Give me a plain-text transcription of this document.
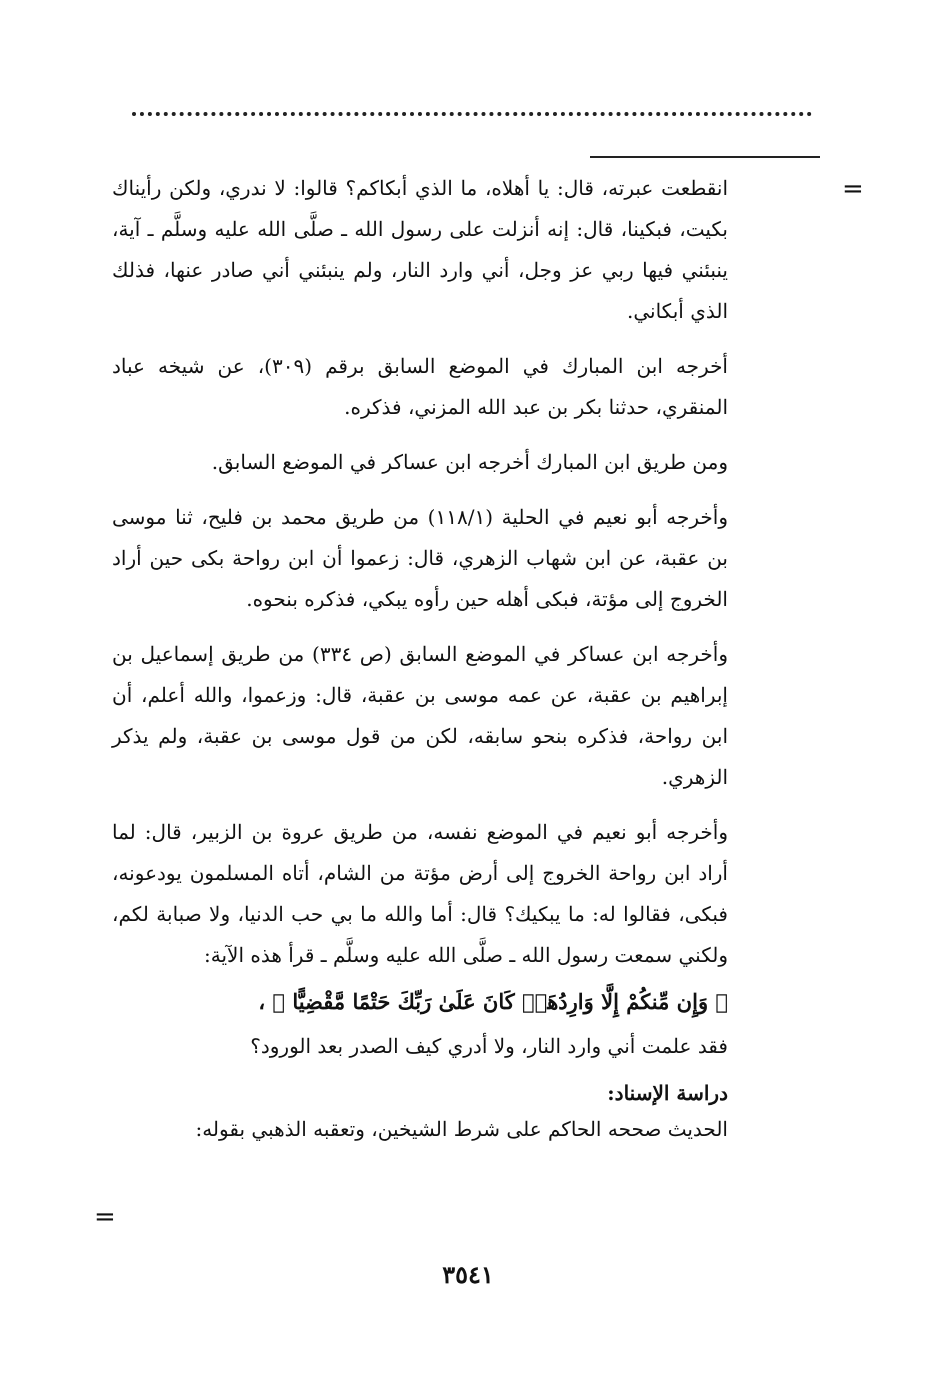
=

انقطعت عبرته، قال: يا أهلاه، ما الذي أبكاكم؟ قالوا: لا ندري، ولكن رأيناك بكيت، فبكينا، قال: إنه أنزلت على رسول الله ـ صلَّى الله عليه وسلَّم ـ آية، ينبئني فيها ربي عز وجل، أني وارد النار، ولم ينبئني أني صادر عنها، فذلك الذي أبكاني.

أخرجه ابن المبارك في الموضع السابق برقم (٣٠٩)، عن شيخه عباد المنقري، حدثنا بكر بن عبد الله المزني، فذكره.

ومن طريق ابن المبارك أخرجه ابن عساكر في الموضع السابق.

وأخرجه أبو نعيم في الحلية (١١٨/١) من طريق محمد بن فليح، ثنا موسى بن عقبة، عن ابن شهاب الزهري، قال: زعموا أن ابن رواحة بكى حين أراد الخروج إلى مؤتة، فبكى أهله حين رأوه يبكي، فذكره بنحوه.

وأخرجه ابن عساكر في الموضع السابق (ص ٣٣٤) من طريق إسماعيل بن إبراهيم بن عقبة، عن عمه موسى بن عقبة، قال: وزعموا، والله أعلم، أن ابن رواحة، فذكره بنحو سابقه، لكن من قول موسى بن عقبة، ولم يذكر الزهري.

وأخرجه أبو نعيم في الموضع نفسه، من طريق عروة بن الزبير، قال: لما أراد ابن رواحة الخروج إلى أرض مؤتة من الشام، أتاه المسلمون يودعونه، فبكى، فقالوا له: ما يبكيك؟ قال: أما والله ما بي حب الدنيا، ولا صبابة لكم، ولكني سمعت رسول الله ـ صلَّى الله عليه وسلَّم ـ قرأ هذه الآية:

﴿ وَإِن مِّنكُمْ إِلَّا وَارِدُهَاۚ كَانَ عَلَىٰ رَبِّكَ حَتْمًا مَّقْضِيًّا ﴾ ،

فقد علمت أني وارد النار، ولا أدري كيف الصدر بعد الورود؟

دراسة الإسناد:

الحديث صححه الحاكم على شرط الشيخين، وتعقبه الذهبي بقوله:

=
٣٥٤١
